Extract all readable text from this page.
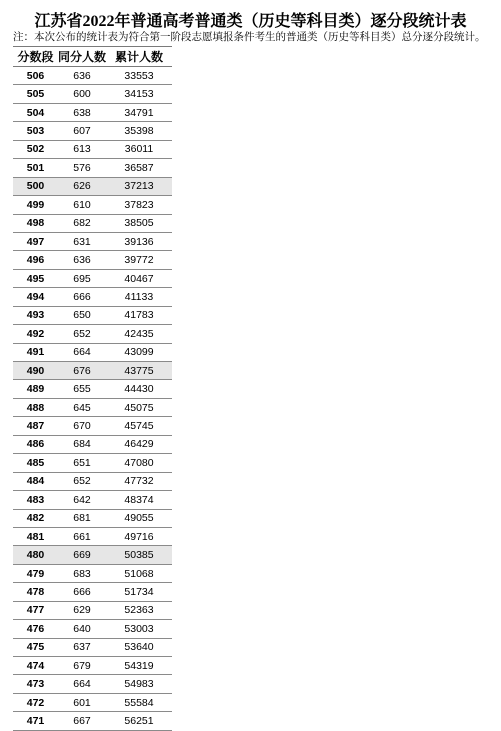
江苏省2022年普通高考普通类（历史等科目类）逐分段统计表
注：本次公布的统计表为符合第一阶段志愿填报条件考生的普通类（历史等科目类）总分逐分段统计。
分数段 同分人数 累计人数
506	636	33553
505	600	34153
504	638	34791
503	607	35398
502	613	36011
501	576	36587
500	626	37213
499	610	37823
498	682	38505
497	631	39136
496	636	39772
495	695	40467
494	666	41133
493	650	41783
492	652	42435
491	664	43099
490	676	43775
489	655	44430
488	645	45075
487	670	45745
486	684	46429
485	651	47080
484	652	47732
483	642	48374
482	681	49055
481	661	49716
480	669	50385
479	683	51068
478	666	51734
477	629	52363
476	640	53003
475	637	53640
474	679	54319
473	664	54983
472	601	55584
471	667	56251
